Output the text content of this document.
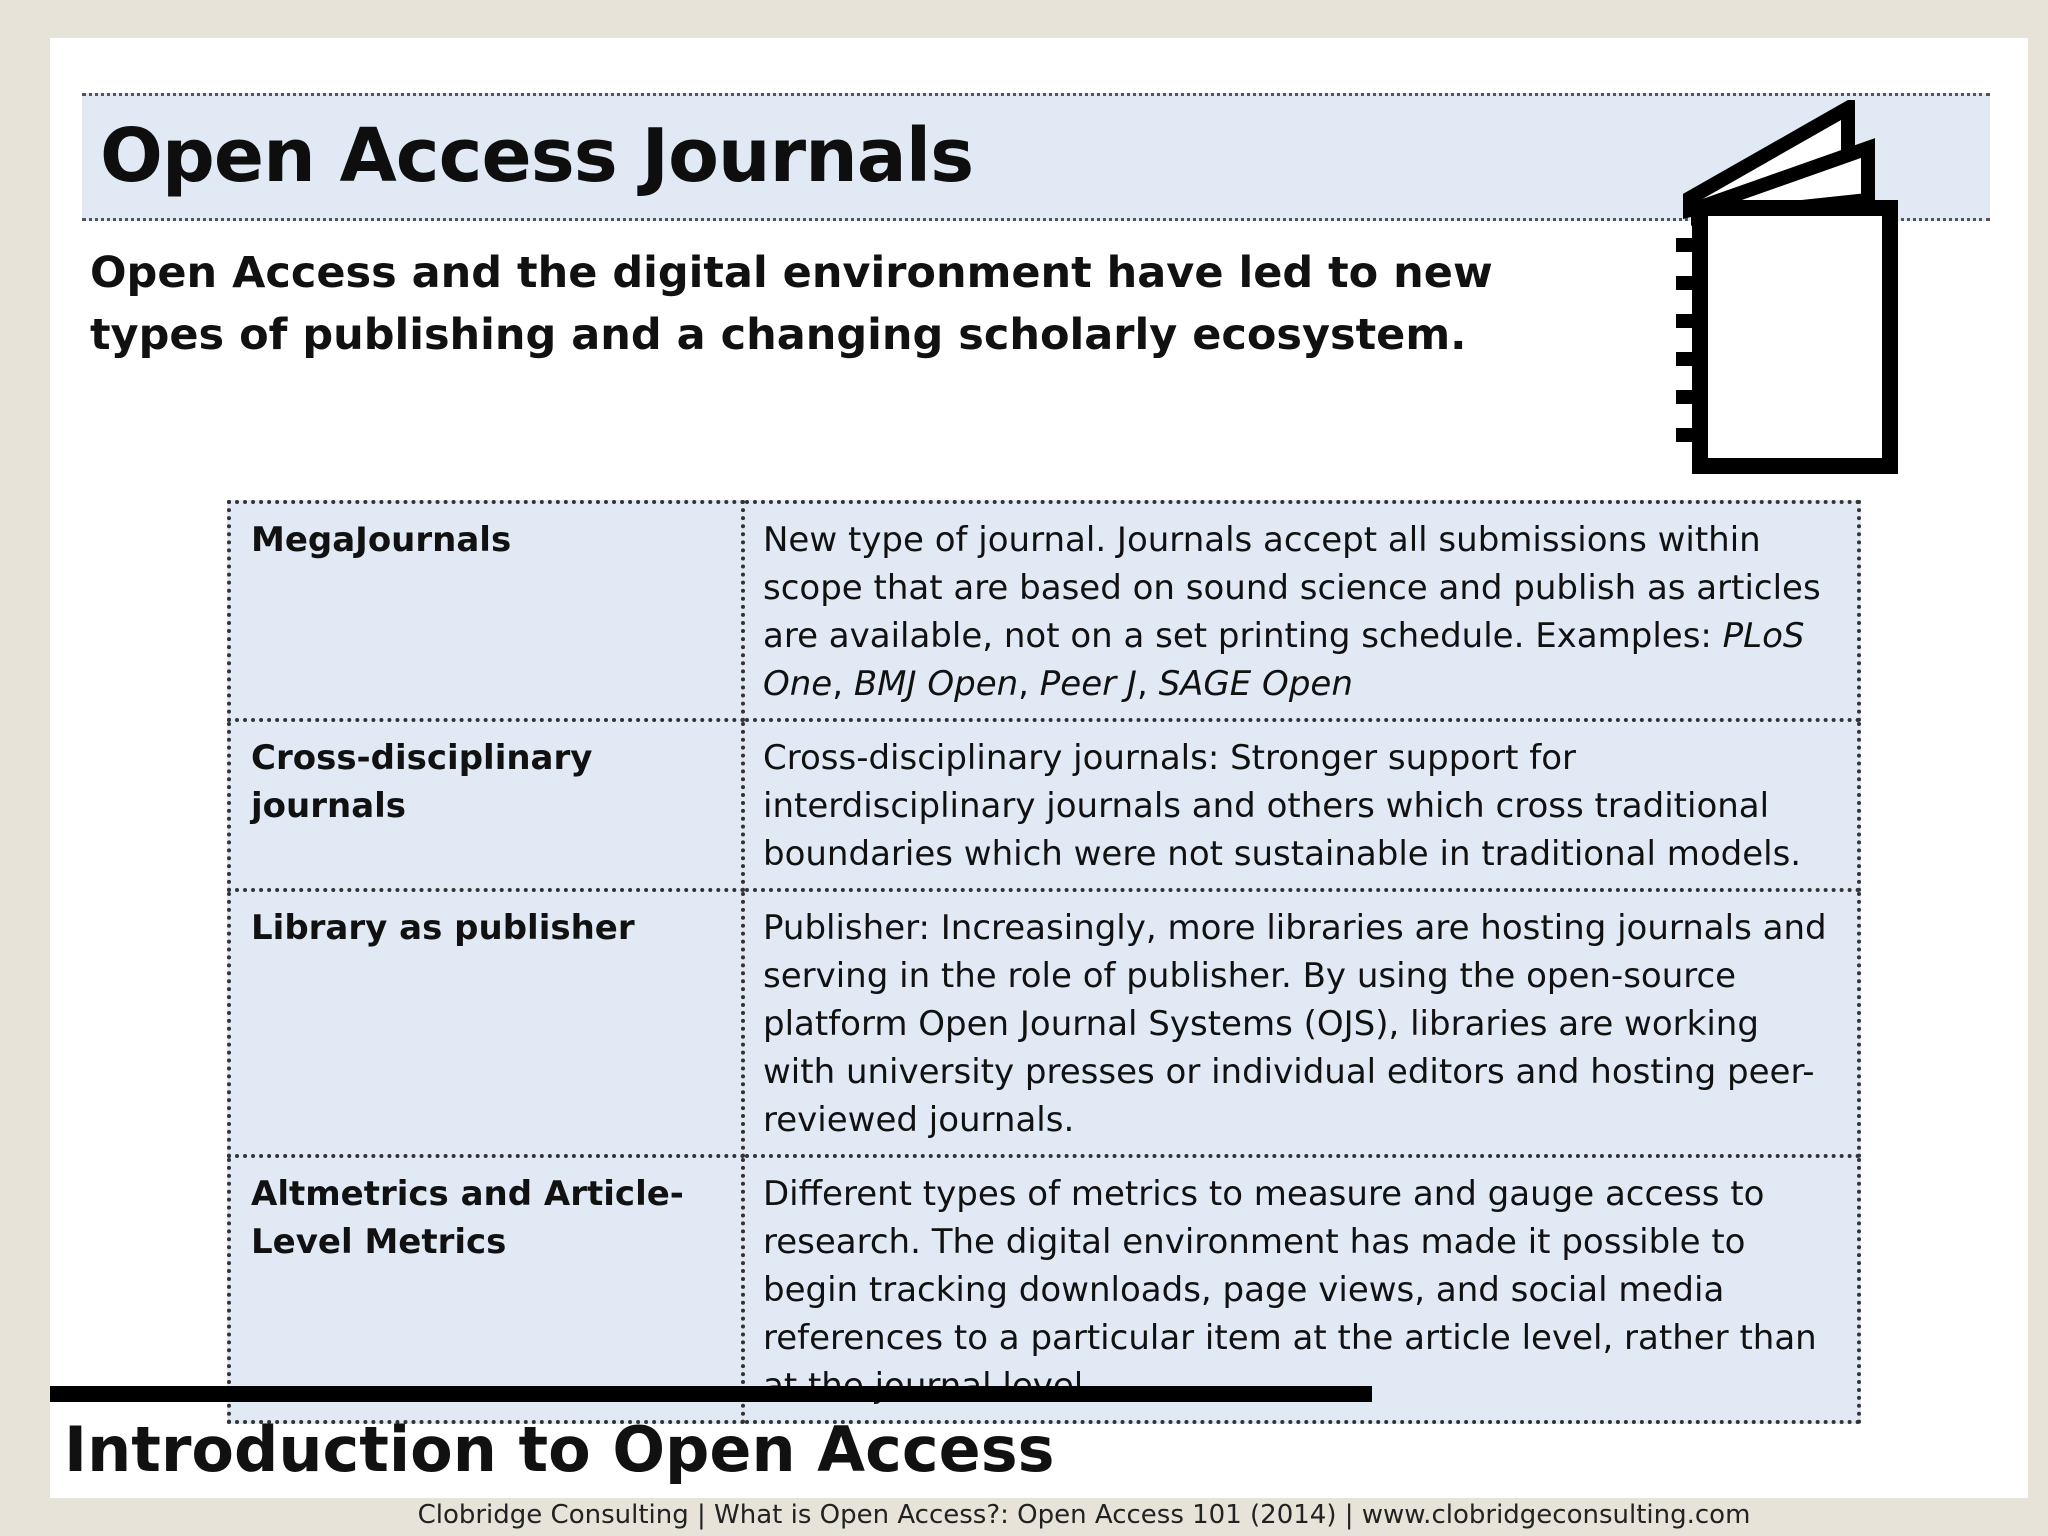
Open Access Journals

Open Access and the digital environment have led to new types of publishing and a changing scholarly ecosystem.

MegaJournals	New type of journal. Journals accept all submissions within scope that are based on sound science and publish as articles are available, not on a set printing schedule. Examples: PLoS One, BMJ Open, Peer J, SAGE Open
Cross-disciplinary journals	Cross-disciplinary journals: Stronger support for interdisciplinary journals and others which cross traditional boundaries which were not sustainable in traditional models.
Library as publisher	Publisher: Increasingly, more libraries are hosting journals and serving in the role of publisher. By using the open-source platform Open Journal Systems (OJS), libraries are working with university presses or individual editors and hosting peer-reviewed journals.
Altmetrics and Article-Level Metrics	Different types of metrics to measure and gauge access to research. The digital environment has made it possible to begin tracking downloads, page views, and social media references to a particular item at the article level, rather than
Introduction to Open Access
Clobridge Consulting | What is Open Access?: Open Access 101 (2014) | www.clobridgeconsulting.com
